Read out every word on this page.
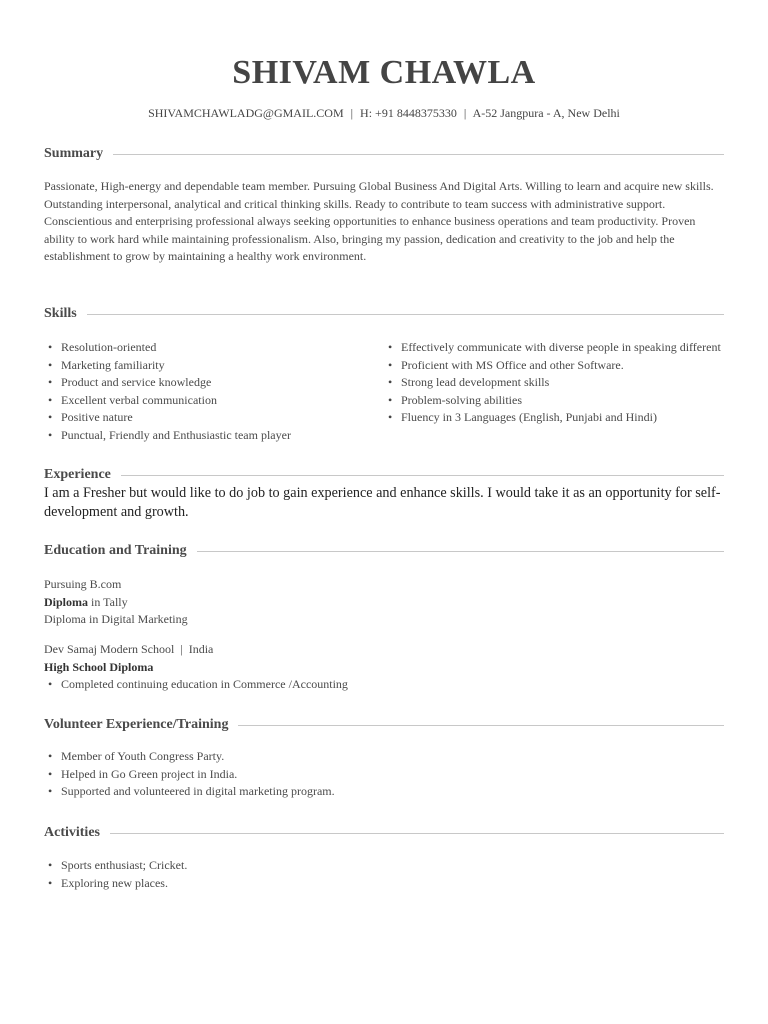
SHIVAM CHAWLA
SHIVAMCHAWLADG@GMAIL.COM | H: +91 8448375330 | A-52 Jangpura - A, New Delhi
Summary

Passionate, High-energy and dependable team member. Pursuing Global Business And Digital Arts. Willing to learn and acquire new skills. Outstanding interpersonal, analytical and critical thinking skills. Ready to contribute to team success with administrative support. Conscientious and enterprising professional always seeking opportunities to enhance business operations and team productivity. Proven ability to work hard while maintaining professionalism. Also, bringing my passion, dedication and creativity to the job and help the establishment to grow by maintaining a healthy work environment.

Skills
• Resolution-oriented
• Marketing familiarity
• Product and service knowledge
• Excellent verbal communication
• Positive nature
• Punctual, Friendly and Enthusiastic team player
• Effectively communicate with diverse people in speaking different
• Proficient with MS Office and other Software.
• Strong lead development skills
• Problem-solving abilities
• Fluency in 3 Languages (English, Punjabi and Hindi)
Experience
I am a Fresher but would like to do job to gain experience and enhance skills. I would take it as an opportunity for self-development and growth.
Education and Training
Pursuing B.com
Diploma in Tally
Diploma in Digital Marketing
Dev Samaj Modern School | India
High School Diploma
• Completed continuing education in Commerce /Accounting
Volunteer Experience/Training
• Member of Youth Congress Party.
• Helped in Go Green project in India.
• Supported and volunteered in digital marketing program.
Activities
• Sports enthusiast; Cricket.
• Exploring new places.
